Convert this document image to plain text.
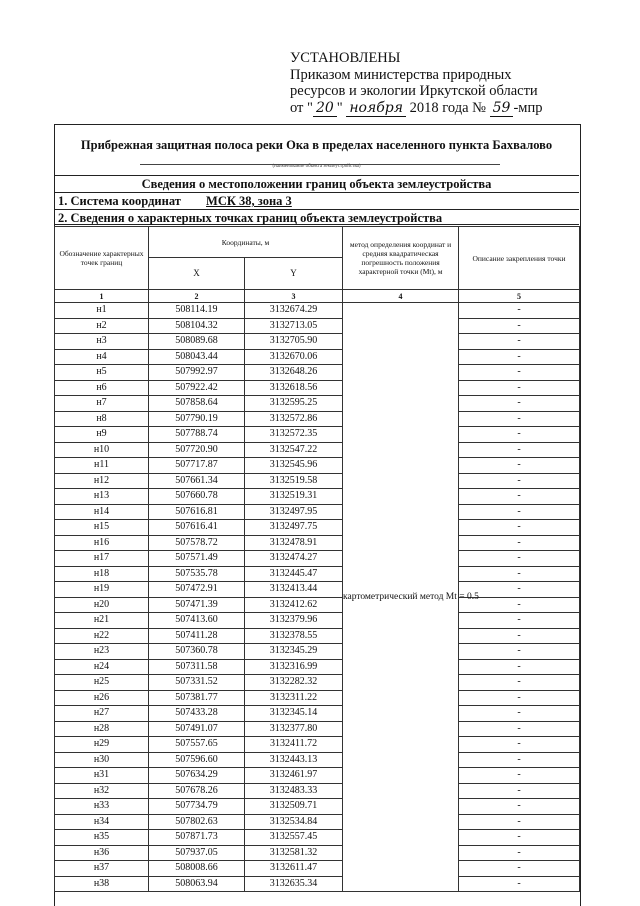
УСТАНОВЛЕНЫ
Приказом министерства природных
ресурсов и экологии Иркутской области
от " 20 " ноября 2018 года № 59 -мпр
Прибрежная защитная полоса реки Ока в пределах населенного пункта Бахвалово
(наименование объекта землеустройства)
Сведения о местоположении границ объекта землеустройства
1. Система координат МСК 38, зона 3
2. Сведения о характерных точках границ объекта землеустройства
Обозначение характерных точек границ	Координаты, м		метод определения координат и средняя квадратическая погрешность положения характерной точки (Mt), м	Описание закрепления точки
	X	Y		
1	2	3	4	5
н1	508114.19	3132674.29	картометрический метод Mt = 0.5	-
н2	508104.32	3132713.05		-
н3	508089.68	3132705.90		-
н4	508043.44	3132670.06		-
н5	507992.97	3132648.26		-
н6	507922.42	3132618.56		-
н7	507858.64	3132595.25		-
н8	507790.19	3132572.86		-
н9	507788.74	3132572.35		-
н10	507720.90	3132547.22		-
н11	507717.87	3132545.96		-
н12	507661.34	3132519.58		-
н13	507660.78	3132519.31		-
н14	507616.81	3132497.95		-
н15	507616.41	3132497.75		-
н16	507578.72	3132478.91		-
н17	507571.49	3132474.27		-
н18	507535.78	3132445.47		-
н19	507472.91	3132413.44		-
н20	507471.39	3132412.62		-
н21	507413.60	3132379.96		-
н22	507411.28	3132378.55		-
н23	507360.78	3132345.29		-
н24	507311.58	3132316.99		-
н25	507331.52	3132282.32		-
н26	507381.77	3132311.22		-
н27	507433.28	3132345.14		-
н28	507491.07	3132377.80		-
н29	507557.65	3132411.72		-
н30	507596.60	3132443.13		-
н31	507634.29	3132461.97		-
н32	507678.26	3132483.33		-
н33	507734.79	3132509.71		-
н34	507802.63	3132534.84		-
н35	507871.73	3132557.45		-
н36	507937.05	3132581.32		-
н37	508008.66	3132611.47		-
н38	508063.94	3132635.34		-
